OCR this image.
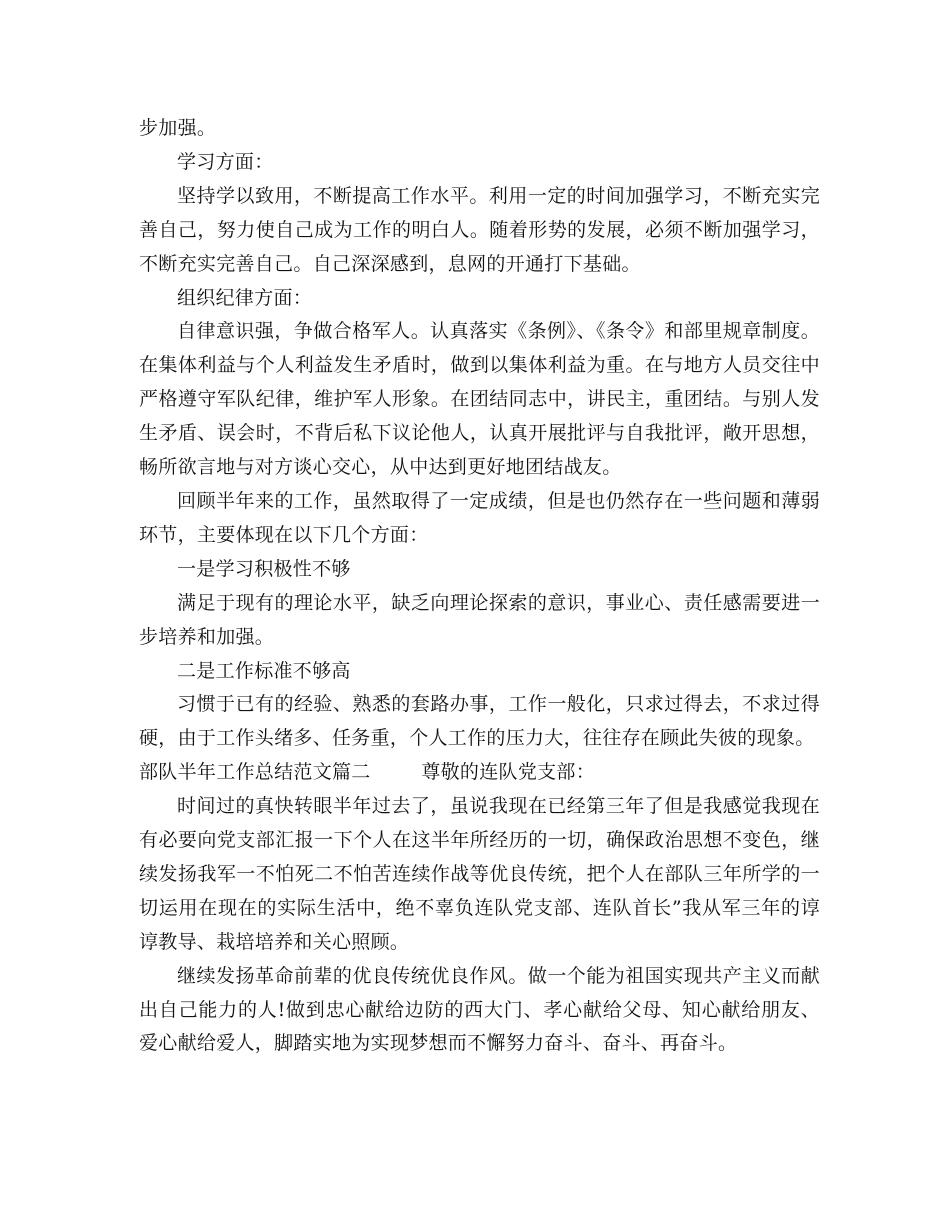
步加强。

学习方面：

坚持学以致用，不断提高工作水平。利用一定的时间加强学习，不断充实完善自己，努力使自己成为工作的明白人。随着形势的发展，必须不断加强学习，不断充实完善自己。自己深深感到，息网的开通打下基础。

组织纪律方面：

自律意识强，争做合格军人。认真落实《条例》、《条令》和部里规章制度。在集体利益与个人利益发生矛盾时，做到以集体利益为重。在与地方人员交往中严格遵守军队纪律，维护军人形象。在团结同志中，讲民主，重团结。与别人发生矛盾、误会时，不背后私下议论他人，认真开展批评与自我批评，敞开思想，畅所欲言地与对方谈心交心，从中达到更好地团结战友。

回顾半年来的工作，虽然取得了一定成绩，但是也仍然存在一些问题和薄弱环节，主要体现在以下几个方面：

一是学习积极性不够

满足于现有的理论水平，缺乏向理论探索的意识，事业心、责任感需要进一步培养和加强。

二是工作标准不够高

习惯于已有的经验、熟悉的套路办事，工作一般化，只求过得去，不求过得硬，由于工作头绪多、任务重，个人工作的压力大，往往存在顾此失彼的现象。

部队半年工作总结范文篇二        尊敬的连队党支部：

时间过的真快转眼半年过去了，虽说我现在已经第三年了但是我感觉我现在有必要向党支部汇报一下个人在这半年所经历的一切，确保政治思想不变色，继续发扬我军一不怕死二不怕苦连续作战等优良传统，把个人在部队三年所学的一切运用在现在的实际生活中，绝不辜负连队党支部、连队首长”我从军三年的谆谆教导、栽培培养和关心照顾。

继续发扬革命前辈的优良传统优良作风。做一个能为祖国实现共产主义而献出自己能力的人!做到忠心献给边防的西大门、孝心献给父母、知心献给朋友、爱心献给爱人，脚踏实地为实现梦想而不懈努力奋斗、奋斗、再奋斗。
